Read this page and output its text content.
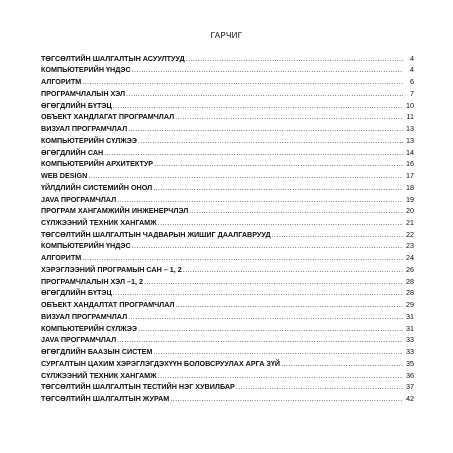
ГАРЧИГ
ТӨГСӨЛТИЙН ШАЛГАЛТЫН АСУУЛТУУД .....	4
КОМПЬЮТЕРИЙН ҮНДЭС .....	4
АЛГОРИТМ .....	6
ПРОГРАМЧЛАЛЫН ХЭЛ .....	7
ӨГӨГДЛИЙН БҮТЭЦ .....	10
ОБЪЕКТ ХАНДЛАГАТ ПРОГРАМЧЛАЛ .....	11
ВИЗУАЛ ПРОГРАМЧЛАЛ .....	13
КОМПЬЮТЕРИЙН СҮЛЖЭЭ .....	13
ӨГӨГДЛИЙН САН .....	14
КОМПЬЮТЕРИЙН АРХИТЕКТУР .....	16
WEB DESIGN .....	17
ҮЙЛДЛИЙН СИСТЕМИЙН ОНОЛ .....	18
JAVA ПРОГРАМЧЛАЛ .....	19
ПРОГРАМ ХАНГАМЖИЙН ИНЖЕНЕРЧЛЭЛ .....	20
СҮЛЖЭЭНИЙ ТЕХНИК ХАНГАМЖ .....	21
ТӨГСӨЛТИЙН ШАЛГАЛТЫН ЧАДВАРЫН ЖИШИГ ДААЛГАВРУУД .....	22
КОМПЬЮТЕРИЙН ҮНДЭС .....	23
АЛГОРИТМ .....	24
ХЭРЭГЛЭЭНИЙ ПРОГРАМЫН САН – 1, 2 .....	26
ПРОГРАМЧЛАЛЫН ХЭЛ –1, 2 .....	28
ӨГӨГДЛИЙН БҮТЭЦ .....	28
ОБЪЕКТ ХАНДАЛТАТ ПРОГРАМЧЛАЛ .....	29
ВИЗУАЛ ПРОГРАМЧЛАЛ .....	31
КОМПЬЮТЕРИЙН СҮЛЖЭЭ .....	31
JAVA ПРОГРАМЧЛАЛ .....	33
ӨГӨГДЛИЙН БААЗЫН СИСТЕМ .....	33
СУРГАЛТЫН ЦАХИМ ХЭРЭГЛЭГДЭХҮҮН БОЛОВСРУУЛАХ АРГА ЗҮЙ .....	35
СҮЛЖЭЭНИЙ ТЕХНИК ХАНГАМЖ .....	36
ТӨГСӨЛТИЙН ШАЛГАЛТЫН ТЕСТИЙН НЭГ ХУВИЛБАР .....	37
ТӨГСӨЛТИЙН ШАЛГАЛТЫН ЖУРАМ .....	42
